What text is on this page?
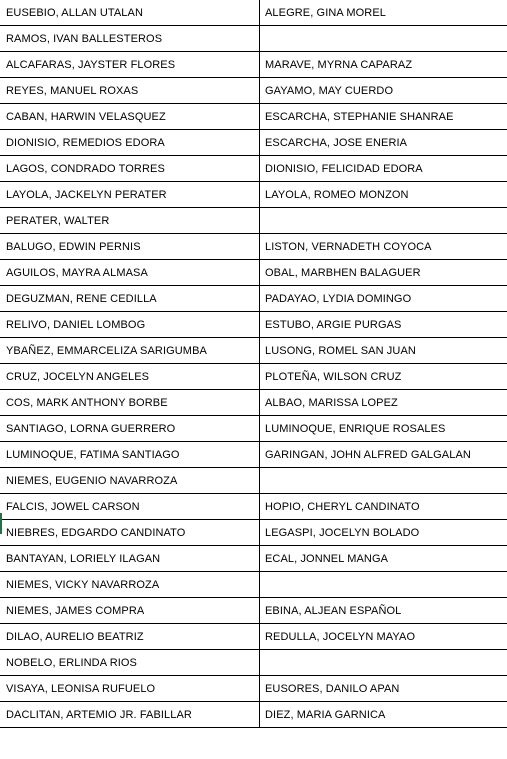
EUSEBIO, ALLAN UTALAN	ALEGRE, GINA MOREL
RAMOS, IVAN BALLESTEROS	
ALCAFARAS, JAYSTER FLORES	MARAVE, MYRNA CAPARAZ
REYES, MANUEL ROXAS	GAYAMO, MAY CUERDO
CABAN, HARWIN VELASQUEZ	ESCARCHA, STEPHANIE SHANRAE
DIONISIO, REMEDIOS EDORA	ESCARCHA, JOSE ENERIA
LAGOS, CONDRADO TORRES	DIONISIO, FELICIDAD EDORA
LAYOLA, JACKELYN PERATER	LAYOLA, ROMEO MONZON
PERATER, WALTER	
BALUGO, EDWIN PERNIS	LISTON, VERNADETH COYOCA
AGUILOS, MAYRA ALMASA	OBAL, MARBHEN BALAGUER
DEGUZMAN, RENE CEDILLA	PADAYAO, LYDIA DOMINGO
RELIVO, DANIEL LOMBOG	ESTUBO, ARGIE PURGAS
YBAÑEZ, EMMARCELIZA SARIGUMBA	LUSONG, ROMEL SAN JUAN
CRUZ, JOCELYN ANGELES	PLOTEÑA, WILSON CRUZ
COS, MARK ANTHONY BORBE	ALBAO, MARISSA LOPEZ
SANTIAGO, LORNA GUERRERO	LUMINOQUE, ENRIQUE ROSALES
LUMINOQUE, FATIMA SANTIAGO	GARINGAN, JOHN ALFRED GALGALAN
NIEMES, EUGENIO NAVARROZA	
FALCIS, JOWEL CARSON	HOPIO, CHERYL CANDINATO
NIEBRES, EDGARDO CANDINATO	LEGASPI, JOCELYN BOLADO
BANTAYAN, LORIELY ILAGAN	ECAL, JONNEL MANGA
NIEMES, VICKY NAVARROZA	
NIEMES, JAMES COMPRA	EBINA, ALJEAN ESPAÑOL
DILAO, AURELIO BEATRIZ	REDULLA, JOCELYN MAYAO
NOBELO, ERLINDA RIOS	
VISAYA, LEONISA RUFUELO	EUSORES, DANILO APAN
DACLITAN, ARTEMIO JR. FABILLAR	DIEZ, MARIA GARNICA
